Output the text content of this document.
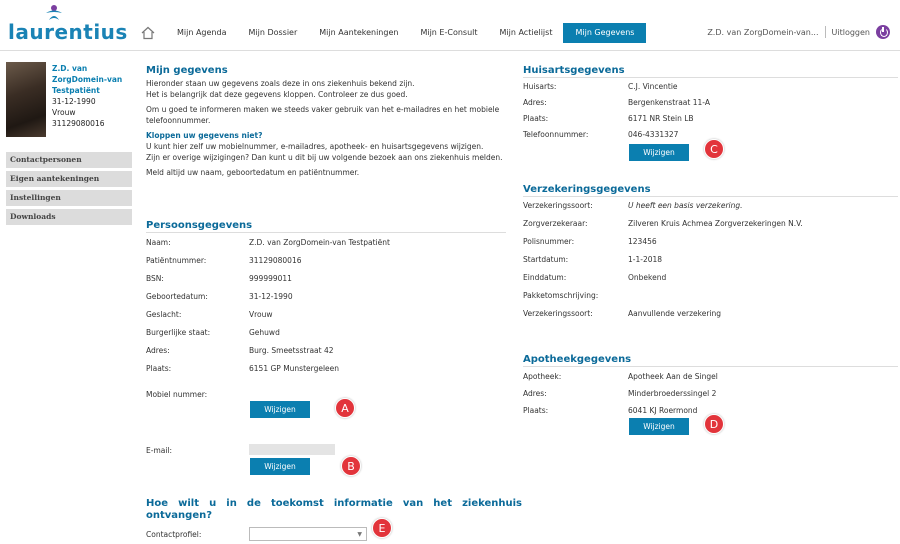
laurentius	Mijn Agenda	Mijn Dossier	Mijn Aantekeningen	Mijn E-Consult	Mijn Actielijst	Mijn Gegevens	Z.D. van ZorgDomein-van... Uitloggen
Z.D. van
ZorgDomein-van
Testpatiënt
31-12-1990
Vrouw
31129080016
Contactpersonen
Eigen aantekeningen
Instellingen
Downloads
Mijn gegevens
Hieronder staan uw gegevens zoals deze in ons ziekenhuis bekend zijn.
Het is belangrijk dat deze gegevens kloppen. Controleer ze dus goed.
Om u goed te informeren maken we steeds vaker gebruik van het e-mailadres en het mobiele
telefoonnummer.
Kloppen uw gegevens niet?
U kunt hier zelf uw mobielnummer, e-mailadres, apotheek- en huisartsgegevens wijzigen.
Zijn er overige wijzigingen? Dan kunt u dit bij uw volgende bezoek aan ons ziekenhuis melden.
Meld altijd uw naam, geboortedatum en patiëntnummer.
Persoonsgegevens
Naam:	Z.D. van ZorgDomein-van Testpatiënt
Patiëntnummer:	31129080016
BSN:	999999011
Geboortedatum:	31-12-1990
Geslacht:	Vrouw
Burgerlijke staat:	Gehuwd
Adres:	Burg. Smeetsstraat 42
Plaats:	6151 GP Munstergeleen
Mobiel nummer:
Wijzigen	A
E-mail:
Wijzigen	B
Hoe wilt u in de toekomst informatie van het ziekenhuis
ontvangen?
Contactprofiel:	▼	E
Huisartsgegevens
Huisarts:	C.J. Vincentie
Adres:	Bergenkenstraat 11-A
Plaats:	6171 NR Stein LB
Telefoonnummer:	046-4331327
Wijzigen	C
Verzekeringsgegevens
Verzekeringssoort:	U heeft een basis verzekering.
Zorgverzekeraar:	Zilveren Kruis Achmea Zorgverzekeringen N.V.
Polisnummer:	123456
Startdatum:	1-1-2018
Einddatum:	Onbekend
Pakketomschrijving:
Verzekeringssoort:	Aanvullende verzekering
Apotheekgegevens
Apotheek:	Apotheek Aan de Singel
Adres:	Minderbroederssingel 2
Plaats:	6041 KJ Roermond
Wijzigen	D
